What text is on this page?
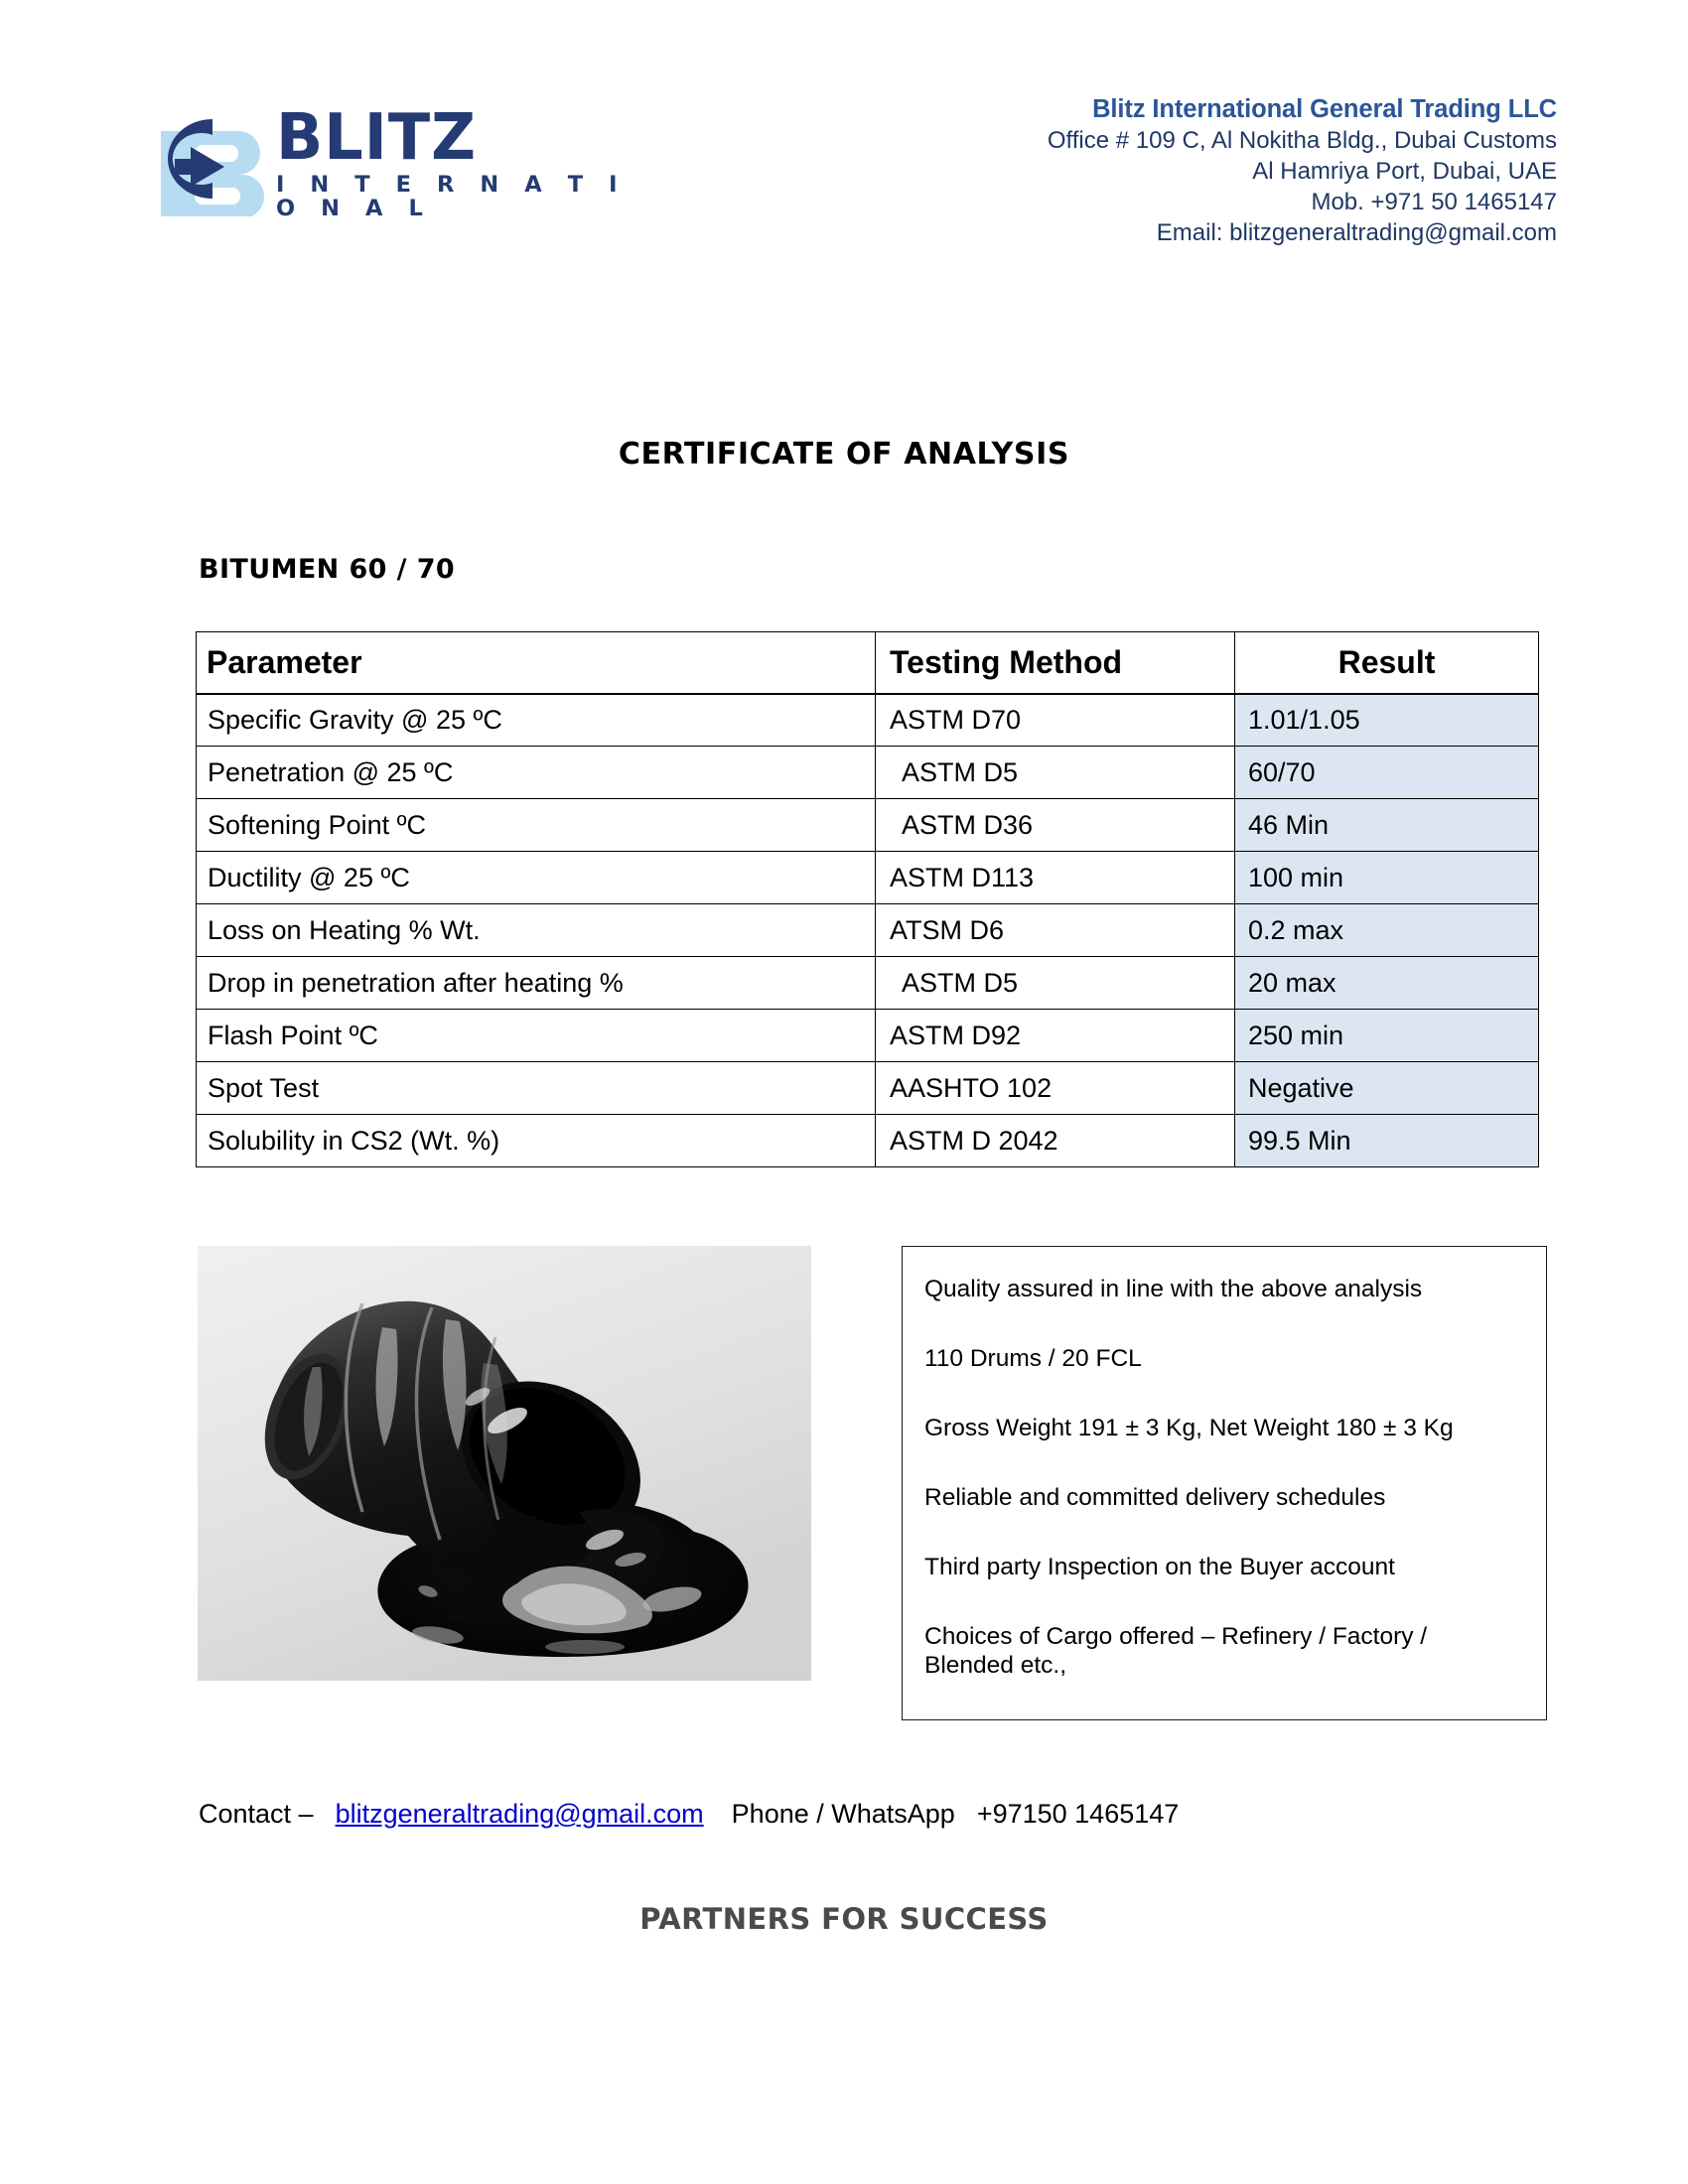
BLITZ
I N T E R N A T I O N A L
Blitz International General Trading LLC
Office # 109 C, Al Nokitha Bldg., Dubai Customs
Al Hamriya Port, Dubai, UAE
Mob. +971 50 1465147
Email: blitzgeneraltrading@gmail.com
CERTIFICATE OF ANALYSIS
BITUMEN 60 / 70
Parameter	Testing Method	Result
Specific Gravity @ 25 ºC	ASTM D70	1.01/1.05
Penetration @ 25 ºC	ASTM D5	60/70
Softening Point ºC	ASTM D36	46 Min
Ductility @ 25 ºC	ASTM D113	100 min
Loss on Heating % Wt.	ATSM D6	0.2 max
Drop in penetration after heating %	ASTM D5	20 max
Flash Point ºC	ASTM D92	250 min
Spot Test	AASHTO 102	Negative
Solubility in CS2 (Wt. %)	ASTM D 2042	99.5 Min
Quality assured in line with the above analysis
110 Drums / 20 FCL
Gross Weight 191 ± 3 Kg, Net Weight 180 ± 3 Kg
Reliable and committed delivery schedules
Third party Inspection on the Buyer account
Choices of Cargo offered – Refinery / Factory / Blended etc.,
Contact – blitzgeneraltrading@gmail.com Phone / WhatsApp +97150 1465147
PARTNERS FOR SUCCESS
